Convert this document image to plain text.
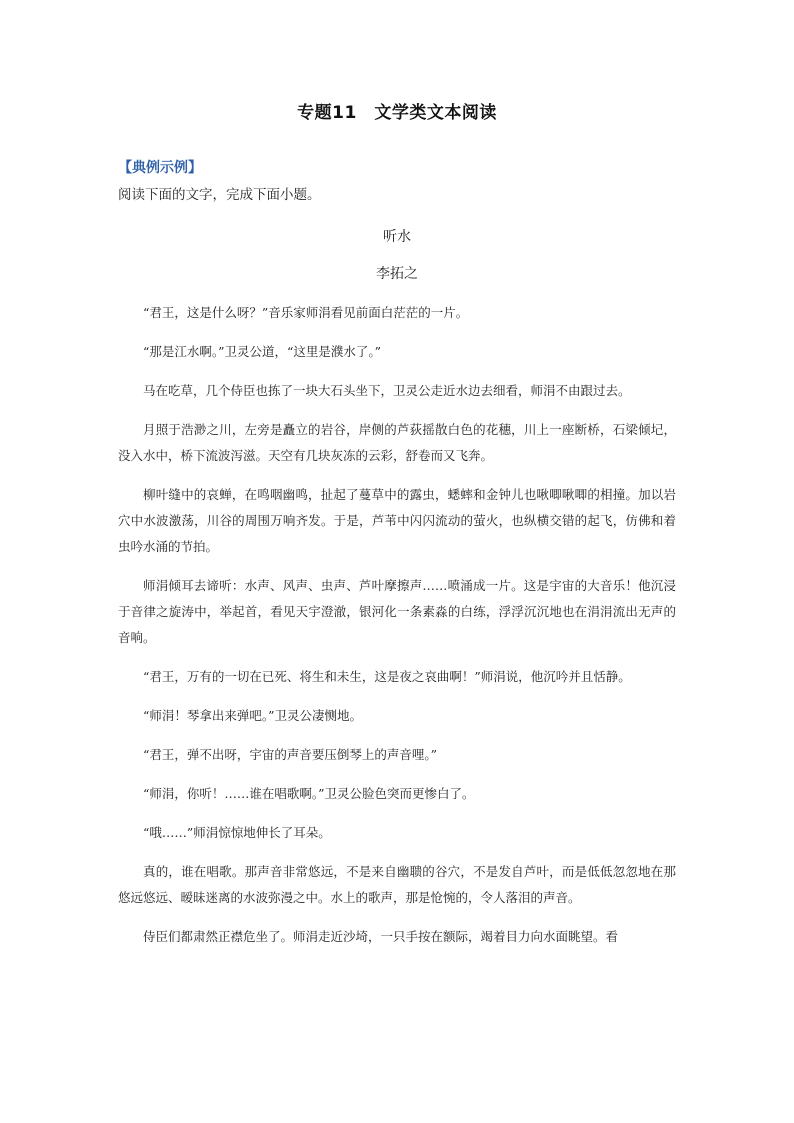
专题11　文学类文本阅读
【典例示例】
阅读下面的文字，完成下面小题。
听水
李拓之

“君王，这是什么呀？”音乐家师涓看见前面白茫茫的一片。

“那是江水啊。”卫灵公道，“这里是濮水了。”

马在吃草，几个侍臣也拣了一块大石头坐下，卫灵公走近水边去细看，师涓不由跟过去。

月照于浩渺之川，左旁是矗立的岩谷，岸侧的芦荻摇散白色的花穗，川上一座断桥，石梁倾圮，没入水中，桥下流波泻滋。天空有几块灰冻的云彩，舒卷而又飞奔。

柳叶缝中的哀蝉，在鸣咽幽鸣，扯起了蔓草中的露虫，蟋蟀和金钟儿也啾唧啾唧的相撞。加以岩穴中水波激荡，川谷的周围万响齐发。于是，芦苇中闪闪流动的萤火，也纵横交错的起飞，仿佛和着虫吟水涌的节拍。

师涓倾耳去谛听：水声、风声、虫声、芦叶摩擦声……喷涌成一片。这是宇宙的大音乐！他沉浸于音律之旋涛中，举起首，看见天宇澄澈，银河化一条素淼的白练，浮浮沉沉地也在涓涓流出无声的音响。

“君王，万有的一切在已死、将生和未生，这是夜之哀曲啊！”师涓说，他沉吟并且恬静。

“师涓！琴拿出来弹吧。”卫灵公凄恻地。

“君王，弹不出呀，宇宙的声音要压倒琴上的声音哩。”

“师涓，你听！……谁在唱歌啊。”卫灵公脸色突而更惨白了。

“哦……”师涓惊惊地伸长了耳朵。

真的，谁在唱歌。那声音非常悠远，不是来自幽聩的谷穴，不是发自芦叶，而是低低忽忽地在那悠远悠远、暧昧迷离的水波弥漫之中。水上的歌声，那是怆惋的，令人落泪的声音。

侍臣们都肃然正襟危坐了。师涓走近沙埼，一只手按在额际，竭着目力向水面眺望。看
